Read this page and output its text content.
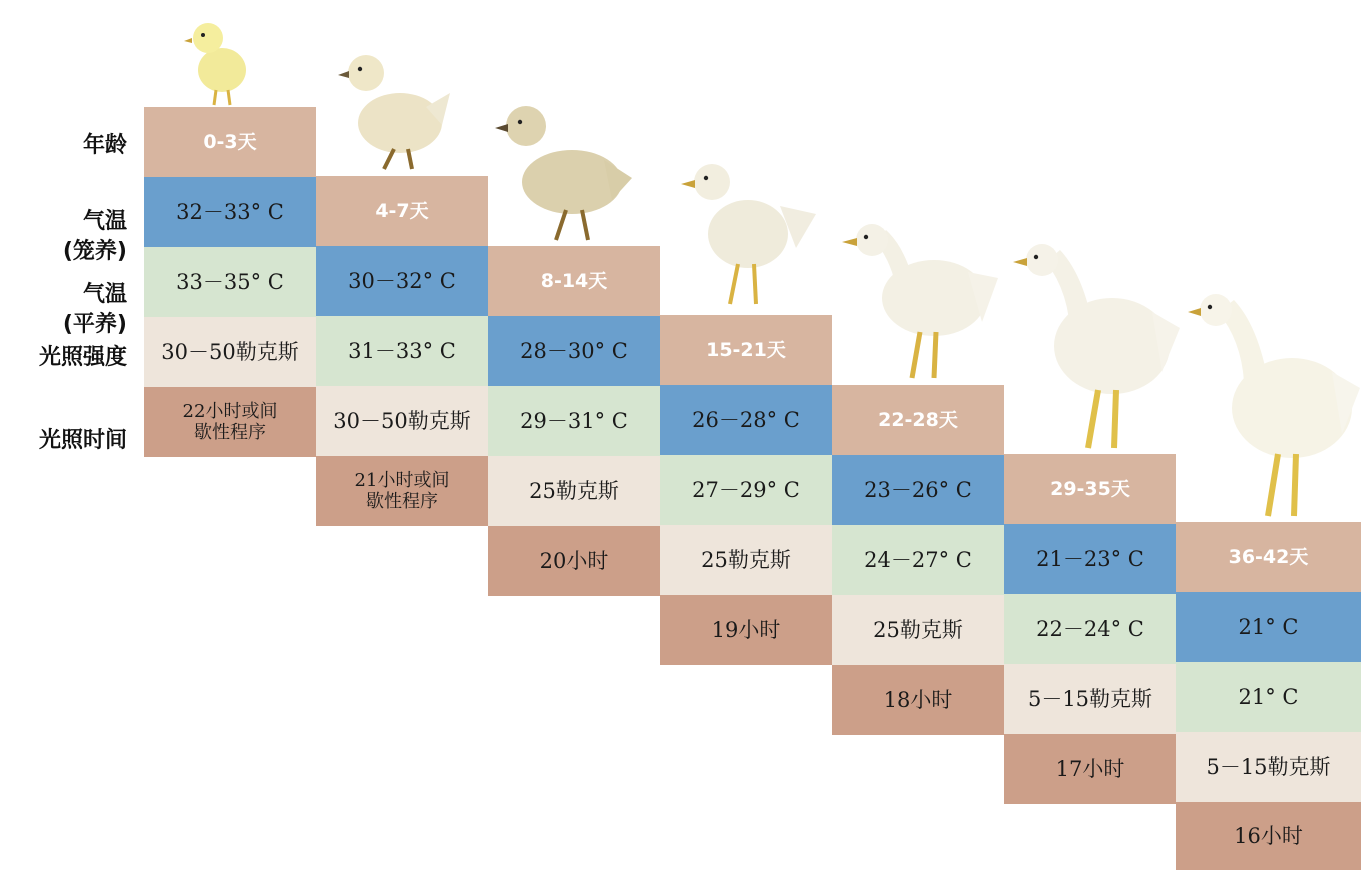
年龄

气温
(笼养)

气温
(平养)

光照强度
光照时间
0-3天
32－33° C
33－35° C
30－50勒克斯
22小时或间
歇性程序
4-7天
30－32° C
31－33° C
30－50勒克斯
21小时或间
歇性程序
8-14天
28－30° C
29－31° C
25勒克斯
20小时
15-21天
26－28° C
27－29° C
25勒克斯
19小时
22-28天
23－26° C
24－27° C
25勒克斯
18小时
29-35天
21－23° C
22－24° C
5－15勒克斯
17小时
36-42天
21° C
21° C
5－15勒克斯
16小时
